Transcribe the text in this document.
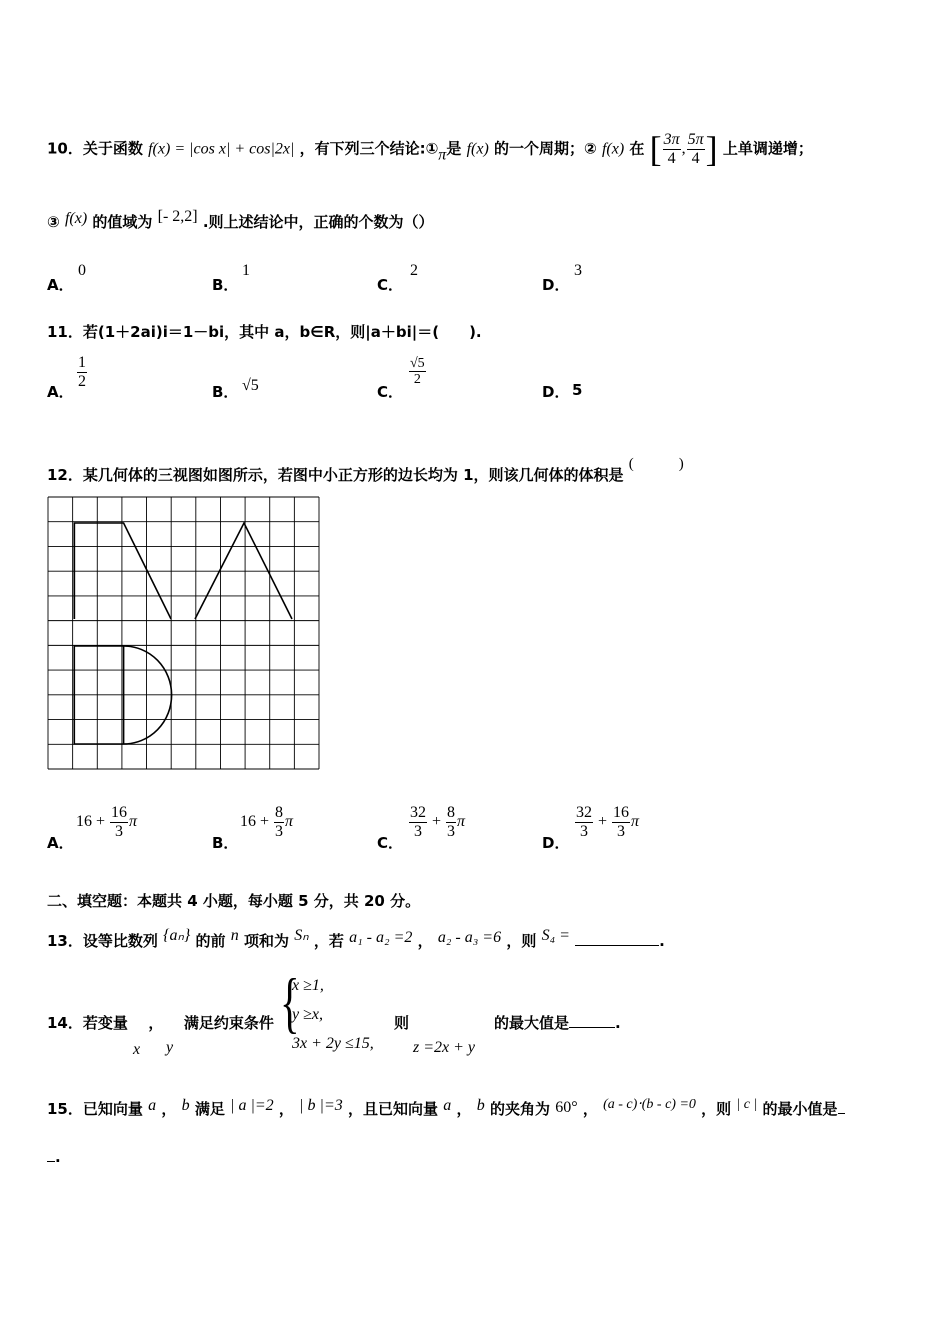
10．关于函数 f(x) = |cos x| + cos|2x| ，有下列三个结论:①π是 f(x) 的一个周期；② f(x) 在 [ $\frac{3\pi}{4}$ , $\frac{5\pi}{4}$ ] 上单调递增；
③ f(x) 的值域为 [- 2,2] .则上述结论中，正确的个数为（）
A．
0
B．
1
C．
2
D．
3
11．若(1＋2ai)i＝1－bi，其中 a，b∈R，则|a＋bi|＝(　　).
A．
$\frac{1}{2}$
B． √5	C．
$\frac{√5}{2}$
D． 5
12．某几何体的三视图如图所示，若图中小正方形的边长均为 1，则该几何体的体积是 (　　　)
A．
$16 + \frac{16}{3}$ π
B．
$16 + \frac{8}{3}$ π
C．
$\frac{32}{3} + \frac{8}{3}$ π
D．
$\frac{32}{3} + \frac{16}{3}$ π
二、填空题：本题共 4 小题，每小题 5 分，共 20 分。
13．设等比数列 {aₙ} 的前 n 项和为 Sₙ ，若 a₁ - a₂ =2 ， a₂ - a₃ =6 ，则 S₄ =	.
14．若变量 ， 满足约束条件
x y
{
x ≥1,
y ≥x,
3x + 2y ≤15,
则
z =2x + y
的最大值是	.
15．已知向量 a ， b 满足 | a |=2 ， | b |=3 ，且已知向量 a ， b 的夹角为 60° ， (a - c)⋅(b - c) =0 ，则 | c | 的最小值是
.
